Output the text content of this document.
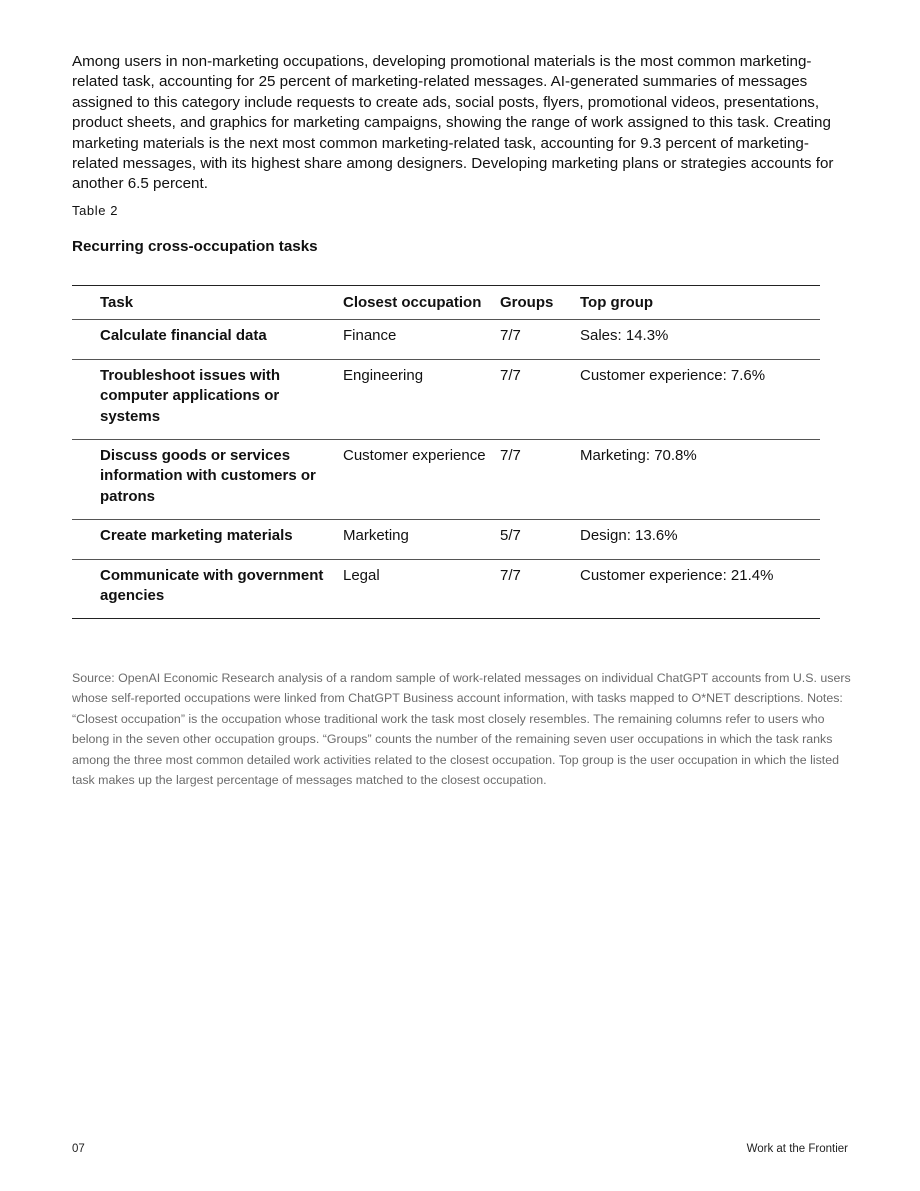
Among users in non-marketing occupations, developing promotional materials is the most common marketing-related task, accounting for 25 percent of marketing-related messages. AI-generated summaries of messages assigned to this category include requests to create ads, social posts, flyers, promotional videos, presentations, product sheets, and graphics for marketing campaigns, showing the range of work assigned to this task. Creating marketing materials is the next most common marketing-related task, accounting for 9.3 percent of marketing-related messages, with its highest share among designers. Developing marketing plans or strategies accounts for another 6.5 percent.

Table 2

Recurring cross-occupation tasks

Task	Closest occupation	Groups	Top group
Calculate financial data	Finance	7/7	Sales: 14.3%
Troubleshoot issues with computer applications or systems	Engineering	7/7	Customer experience: 7.6%
Discuss goods or services information with customers or patrons	Customer experience	7/7	Marketing: 70.8%
Create marketing materials	Marketing	5/7	Design: 13.6%
Communicate with government agencies	Legal	7/7	Customer experience: 21.4%

Source: OpenAI Economic Research analysis of a random sample of work-related messages on individual ChatGPT accounts from U.S. users whose self-reported occupations were linked from ChatGPT Business account information, with tasks mapped to O*NET descriptions. Notes: “Closest occupation” is the occupation whose traditional work the task most closely resembles. The remaining columns refer to users who belong in the seven other occupation groups. “Groups” counts the number of the remaining seven user occupations in which the task ranks among the three most common detailed work activities related to the closest occupation. Top group is the user occupation in which the listed task makes up the largest percentage of messages matched to the closest occupation.

07	Work at the Frontier
